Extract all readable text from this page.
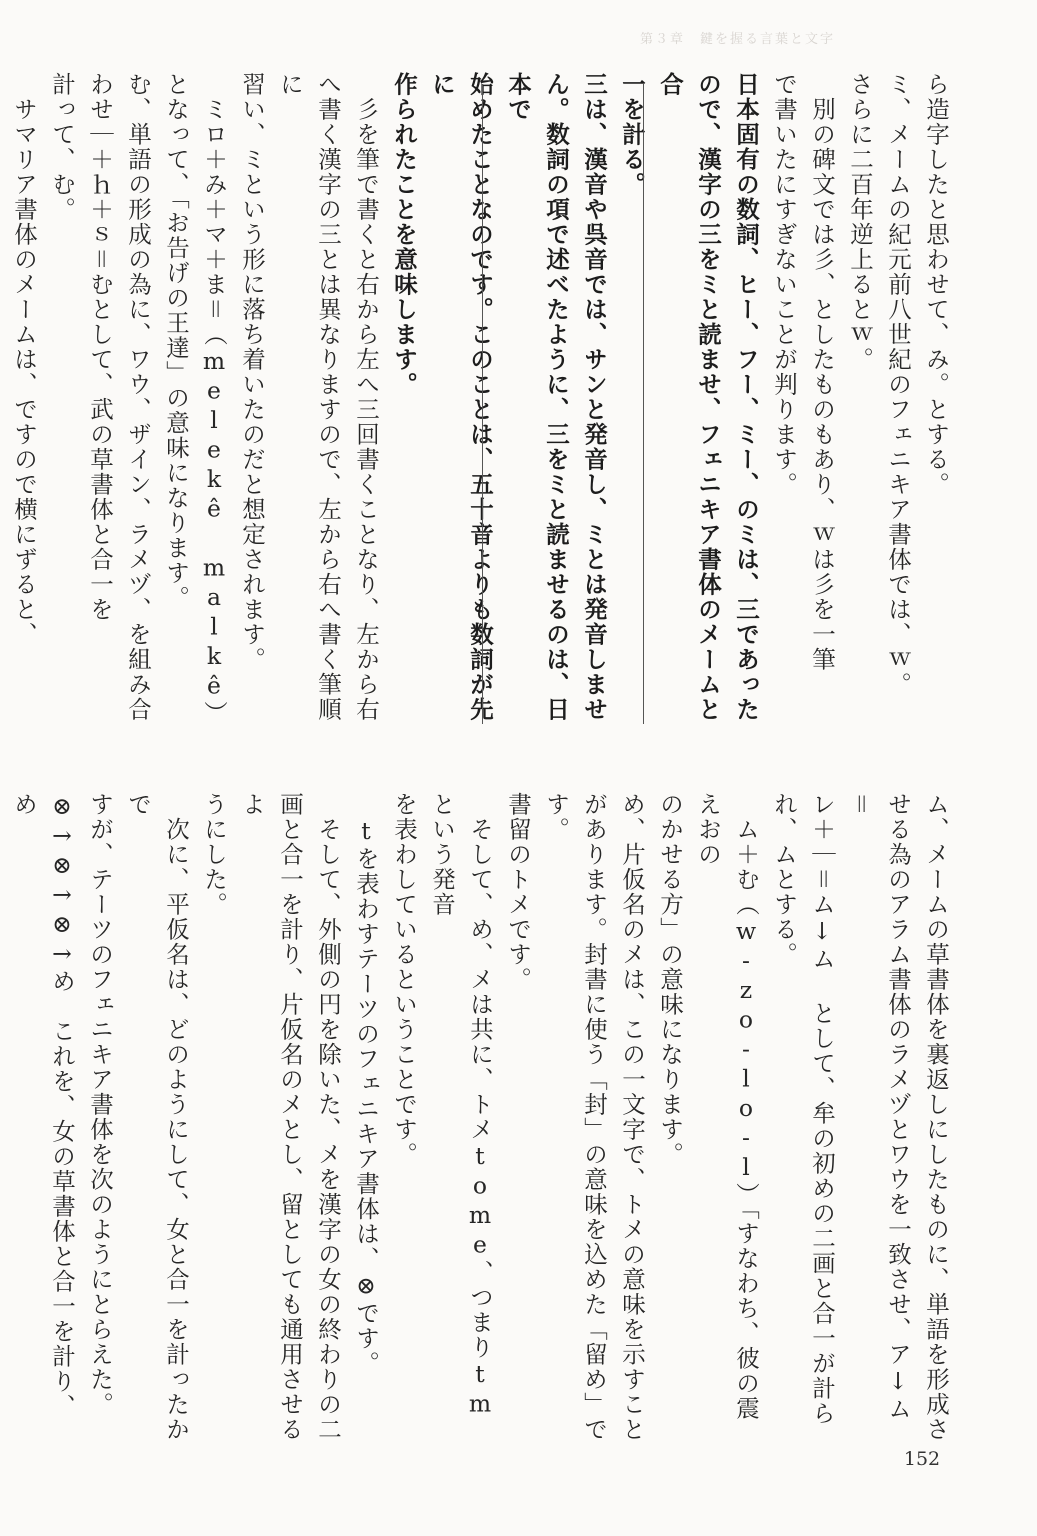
第３章　鍵を握る言葉と文字
ら造字したと思わせて、み。とする。
ミ、メームの紀元前八世紀のフェニキア書体では、ｗ。
さらに二百年逆上るとｗ。
　別の碑文では彡、としたものもあり、ｗは彡を一筆
で書いたにすぎないことが判ります。
日本固有の数詞、ヒー、フー、ミー、のミは、三であった
ので、漢字の三をミと読ませ、フェニキア書体のメームと合
一を計る。
三は、漢音や呉音では、サンと発音し、ミとは発音しませ
ん。数詞の項で述べたように、三をミと読ませるのは、日本で
始めたことなのです。このことは、五十音よりも数詞が先に
作られたことを意味します。
　彡を筆で書くと右から左へ三回書くことなり、左から右
へ書く漢字の三とは異なりますので、左から右へ書く筆順に
習い、ミという形に落ち着いたのだと想定されます。
　ミロ＋み＋マ＋ま＝（melekê malkê）
となって、「お告げの王達」の意味になります。
む、単語の形成の為に、ワウ、ザイン、ラメヅ、を組み合
わせ｜＋ｈ＋ｓ＝むとして、武の草書体と合一を
計って、む。
　サマリア書体のメームは、ですので横にずると、
ム、メームの草書体を裏返しにしたものに、単語を形成さ
せる為のアラム書体のラメヅとワウを一致させ、ア↓ム＝
レ＋｜＝ム↓ム として、牟の初めの二画と合一が計ら
れ、ムとする。
　ム＋む（w-zo-lo-l）「すなわち、彼の震えおの
のかせる方」の意味になります。
め、片仮名のメは、この一文字で、トメの意味を示すこと
があります。封書に使う「封」の意味を込めた「留め」です。
書留のトメです。
　そして、め、メは共に、トメtome、つまりtmという発音
を表わしているということです。
　tを表わすテーツのフェニキア書体は、⊗です。
　そして、外側の円を除いた、メを漢字の女の終わりの二
画と合一を計り、片仮名のメとし、留としても通用させるよ
うにした。
　次に、平仮名は、どのようにして、女と合一を計ったかで
すが、テーツのフェニキア書体を次のようにとらえた。
⊗→⊗→⊗→め　これを、女の草書体と合一を計り、め
152
